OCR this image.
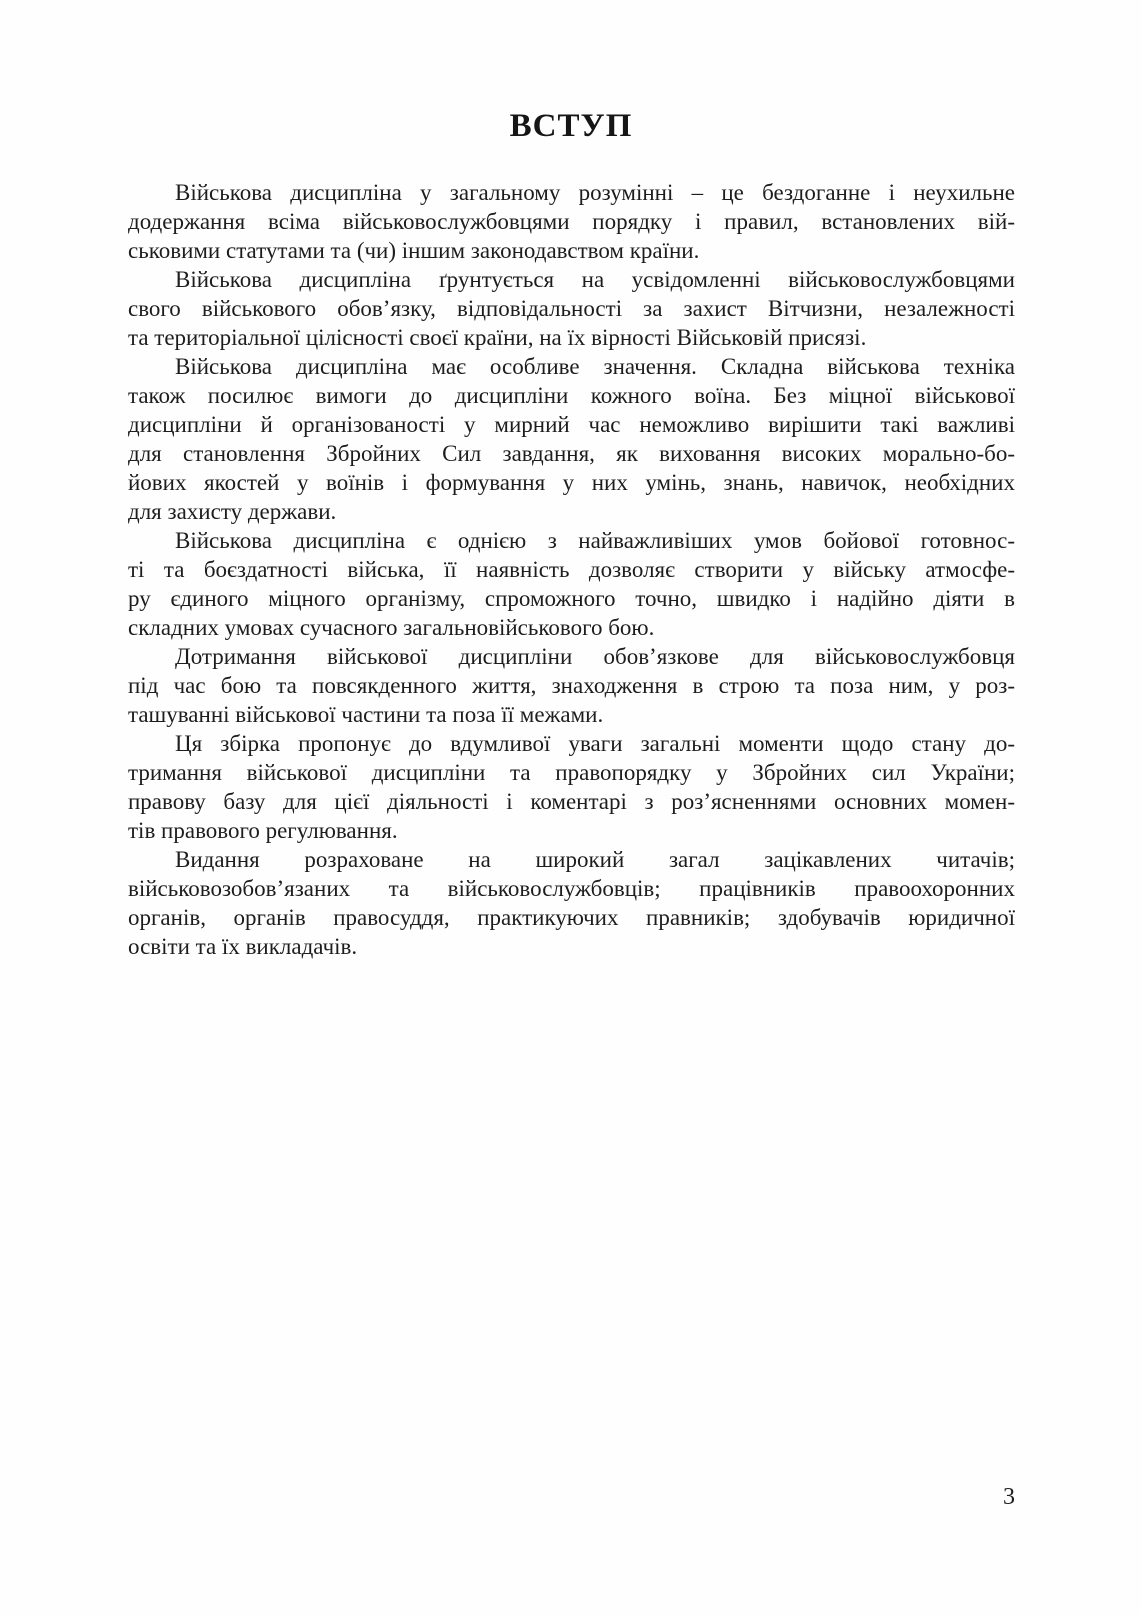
ВСТУП

Військова дисципліна у загальному розумінні – це бездоганне і неухильне
додержання всіма військовослужбовцями порядку і правил, встановлених вій-
ськовими статутами та (чи) іншим законодавством країни.

Військова дисципліна ґрунтується на усвідомленні військовослужбовцями
свого військового обов’язку, відповідальності за захист Вітчизни, незалежності
та територіальної цілісності своєї країни, на їх вірності Військовій присязі.

Військова дисципліна має особливе значення. Складна військова техніка
також посилює вимоги до дисципліни кожного воїна. Без міцної військової
дисципліни й організованості у мирний час неможливо вирішити такі важливі
для становлення Збройних Сил завдання, як виховання високих морально-бо-
йових якостей у воїнів і формування у них умінь, знань, навичок, необхідних
для захисту держави.

Військова дисципліна є однією з найважливіших умов бойової готовнос-
ті та боєздатності війська, її наявність дозволяє створити у війську атмосфе-
ру єдиного міцного організму, спроможного точно, швидко і надійно діяти в
складних умовах сучасного загальновійськового бою.

Дотримання військової дисципліни обов’язкове для військовослужбовця
під час бою та повсякденного життя, знаходження в строю та поза ним, у роз-
ташуванні військової частини та поза її межами.

Ця збірка пропонує до вдумливої уваги загальні моменти щодо стану до-
тримання військової дисципліни та правопорядку у Збройних сил України;
правову базу для цієї діяльності і коментарі з роз’ясненнями основних момен-
тів правового регулювання.

Видання розраховане на широкий загал зацікавлених читачів;
військовозобов’язаних та військовослужбовців; працівників правоохоронних
органів, органів правосуддя, практикуючих правників; здобувачів юридичної
освіти та їх викладачів.

3
